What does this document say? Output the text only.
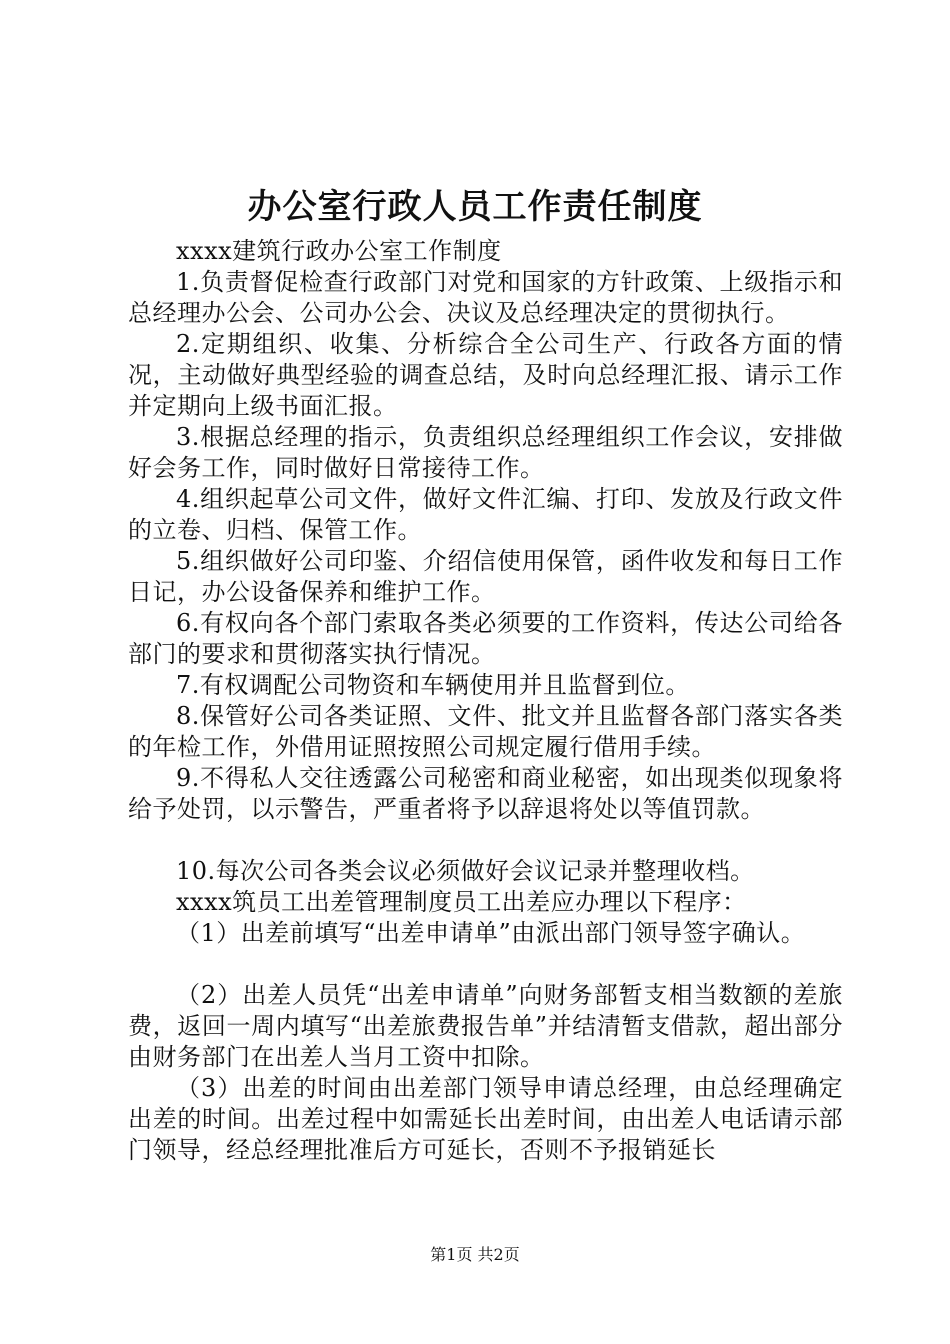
办公室行政人员工作责任制度

xxxx建筑行政办公室工作制度

1.负责督促检查行政部门对党和国家的方针政策、上级指示和总经理办公会、公司办公会、决议及总经理决定的贯彻执行。

2.定期组织、收集、分析综合全公司生产、行政各方面的情况，主动做好典型经验的调查总结，及时向总经理汇报、请示工作并定期向上级书面汇报。

3.根据总经理的指示，负责组织总经理组织工作会议，安排做好会务工作，同时做好日常接待工作。

4.组织起草公司文件，做好文件汇编、打印、发放及行政文件的立卷、归档、保管工作。

5.组织做好公司印鉴、介绍信使用保管，函件收发和每日工作日记，办公设备保养和维护工作。

6.有权向各个部门索取各类必须要的工作资料，传达公司给各部门的要求和贯彻落实执行情况。

7.有权调配公司物资和车辆使用并且监督到位。

8.保管好公司各类证照、文件、批文并且监督各部门落实各类的年检工作，外借用证照按照公司规定履行借用手续。

9.不得私人交往透露公司秘密和商业秘密，如出现类似现象将给予处罚，以示警告，严重者将予以辞退将处以等值罚款。

10.每次公司各类会议必须做好会议记录并整理收档。

xxxx筑员工出差管理制度员工出差应办理以下程序：

（1）出差前填写“出差申请单”由派出部门领导签字确认。

（2）出差人员凭“出差申请单”向财务部暂支相当数额的差旅费，返回一周内填写“出差旅费报告单”并结清暂支借款，超出部分由财务部门在出差人当月工资中扣除。

（3）出差的时间由出差部门领导申请总经理，由总经理确定出差的时间。出差过程中如需延长出差时间，由出差人电话请示部门领导，经总经理批准后方可延长，否则不予报销延长

第1页 共2页
